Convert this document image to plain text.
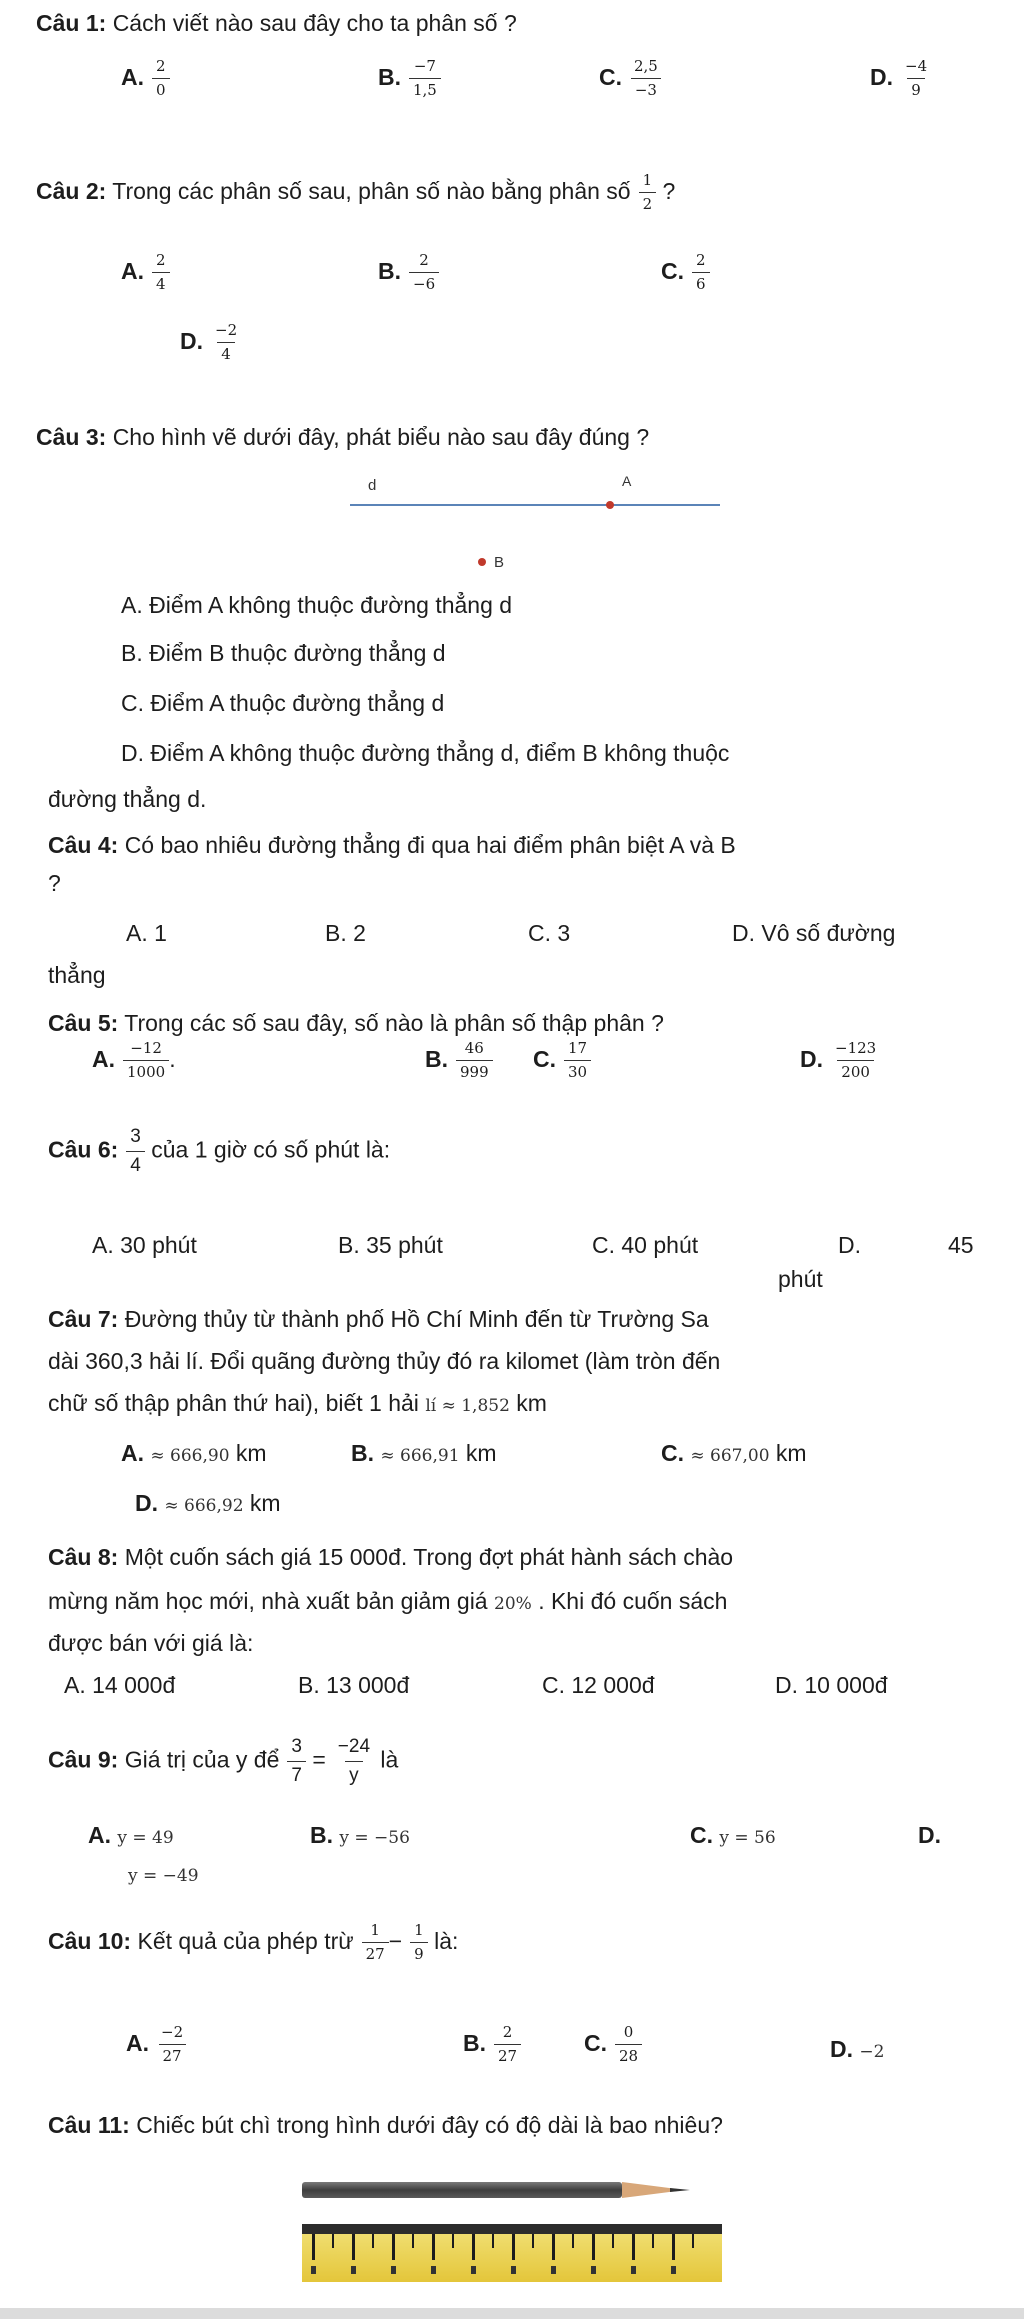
Câu 1: Cách viết nào sau đây cho ta phân số ?
A. $\frac{2}{0}$	B. $\frac{-7}{1,5}$	C. $\frac{2,5}{-3}$	D. $\frac{-4}{9}$
Câu 2: Trong các phân số sau, phân số nào bằng phân số $\frac{1}{2}$ ?
A. $\frac{2}{4}$	B. $\frac{2}{-6}$	C. $\frac{2}{6}$
D. $\frac{-2}{4}$
Câu 3: Cho hình vẽ dưới đây, phát biểu nào sau đây đúng ?
d	A
B
A. Điểm A không thuộc đường thẳng d
B. Điểm B thuộc đường thẳng d
C. Điểm A thuộc đường thẳng d
D. Điểm A không thuộc đường thẳng d, điểm B không thuộc
đường thẳng d.
Câu 4: Có bao nhiêu đường thẳng đi qua hai điểm phân biệt A và B
?
A. 1	B. 2	C. 3	D. Vô số đường
thẳng
Câu 5: Trong các số sau đây, số nào là phân số thập phân ?
A. $\frac{-12}{1000}$ .	B. $\frac{46}{999} C$. $\frac{17}{30}$	D. $\frac{-123}{200}$
Câu 6: $\frac{3}{4}$ của 1 giờ có số phút là:
A. 30 phút	B. 35 phút	C. 40 phút	D.	45
phút
Câu 7: Đường thủy từ thành phố Hồ Chí Minh đến từ Trường Sa
dài 360,3 hải lí. Đổi quãng đường thủy đó ra kilomet (làm tròn đến
chữ số thập phân thứ hai), biết 1 hải lí ≈ 1,852 km
A. ≈ 666,90 km	B. ≈ 666,91 km	C. ≈ 667,00 km
D. ≈ 666,92 km
Câu 8: Một cuốn sách giá 15 000đ. Trong đợt phát hành sách chào
mừng năm học mới, nhà xuất bản giảm giá 20% . Khi đó cuốn sách
được bán với giá là:
A. 14 000đ	B. 13 000đ	C. 12 000đ	D. 10 000đ
Câu 9: Giá trị của y để $\frac{3}{7} = \frac{-24}{y}$ là
A. y = 49	B. y = −56	C. y = 56	D.
y = −49
Câu 10: Kết quả của phép trừ $\frac{1}{27} - \frac{1}{9}$ là:
A. $\frac{-2}{27}$	B. $\frac{2}{27}$	C. $\frac{0}{28}$	D. −2
Câu 11: Chiếc bút chì trong hình dưới đây có độ dài là bao nhiêu?
